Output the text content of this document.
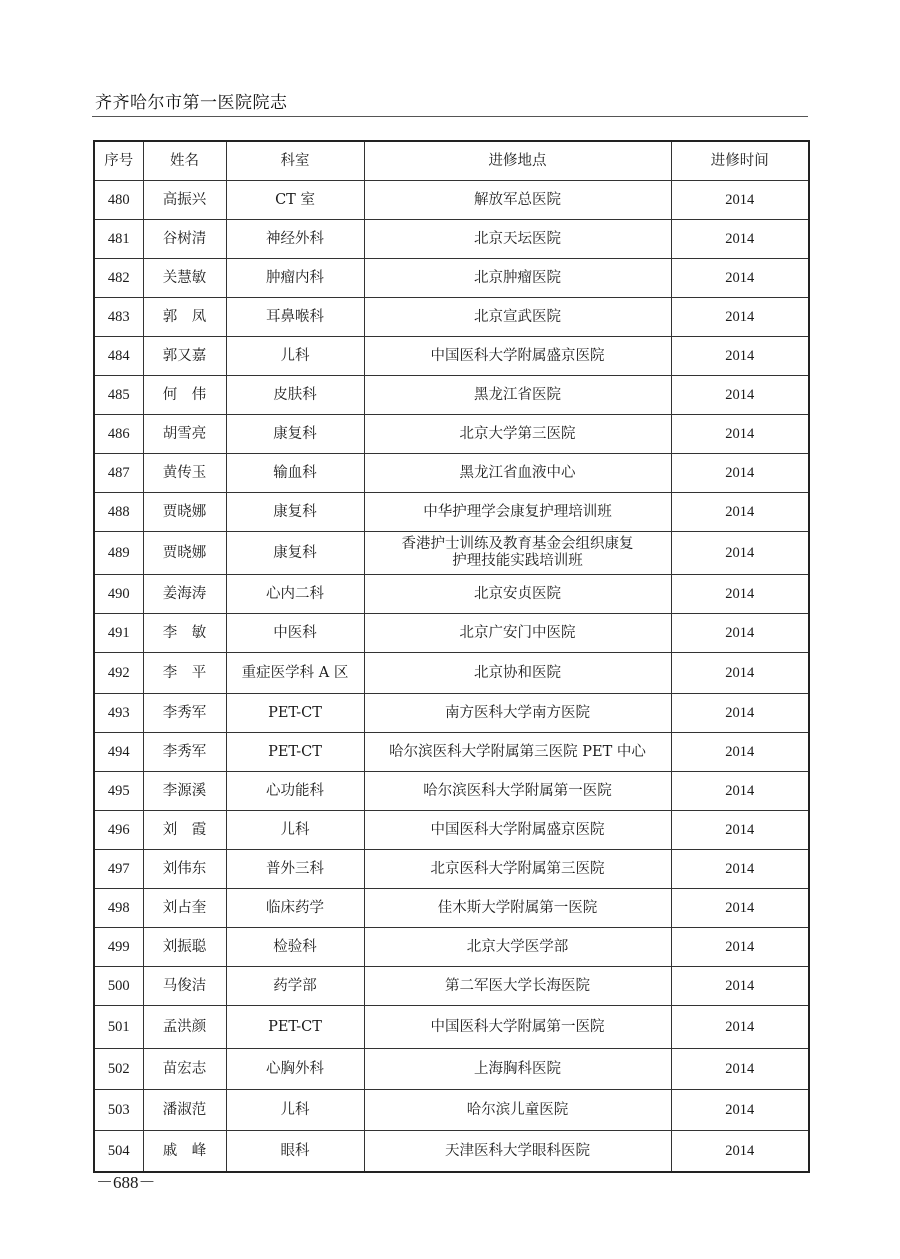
齐齐哈尔市第一医院院志
序号	姓名	科室	进修地点	进修时间
480	高振兴	CT 室	解放军总医院	2014
481	谷树清	神经外科	北京天坛医院	2014
482	关慧敏	肿瘤内科	北京肿瘤医院	2014
483	郭　凤	耳鼻喉科	北京宣武医院	2014
484	郭又嘉	儿科	中国医科大学附属盛京医院	2014
485	何　伟	皮肤科	黑龙江省医院	2014
486	胡雪亮	康复科	北京大学第三医院	2014
487	黄传玉	输血科	黑龙江省血液中心	2014
488	贾晓娜	康复科	中华护理学会康复护理培训班	2014
489	贾晓娜	康复科	香港护士训练及教育基金会组织康复
护理技能实践培训班	2014
490	姜海涛	心内二科	北京安贞医院	2014
491	李　敏	中医科	北京广安门中医院	2014
492	李　平	重症医学科 A 区	北京协和医院	2014
493	李秀军	PET-CT	南方医科大学南方医院	2014
494	李秀军	PET-CT	哈尔滨医科大学附属第三医院 PET 中心	2014
495	李源溪	心功能科	哈尔滨医科大学附属第一医院	2014
496	刘　霞	儿科	中国医科大学附属盛京医院	2014
497	刘伟东	普外三科	北京医科大学附属第三医院	2014
498	刘占奎	临床药学	佳木斯大学附属第一医院	2014
499	刘振聪	检验科	北京大学医学部	2014
500	马俊洁	药学部	第二军医大学长海医院	2014
501	孟洪颜	PET-CT	中国医科大学附属第一医院	2014
502	苗宏志	心胸外科	上海胸科医院	2014
503	潘淑范	儿科	哈尔滨儿童医院	2014
504	戚　峰	眼科	天津医科大学眼科医院	2014
－688－
